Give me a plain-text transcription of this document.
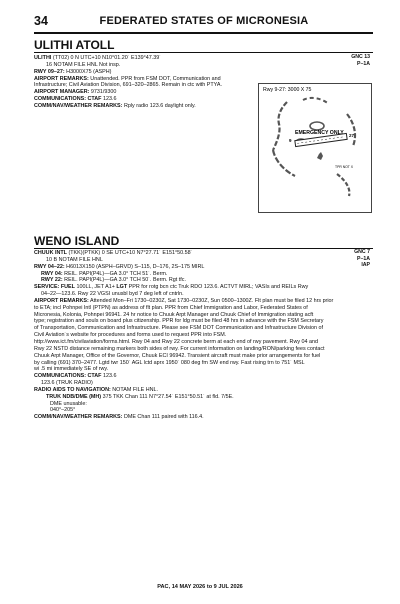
34	FEDERATED STATES OF MICRONESIA
ULITHI ATOLL
GNC 13
P–1A
ULITHI (TT02) 0 N UTC+10 N10°01.20´ E139°47.39´
16 NOTAM FILE HNL Not insp.
RWY 09–27: H3000X75 (ASPH)
AIRPORT REMARKS: Unattended. PPR from FSM DOT, Communication and Infrastructure; Civil Aviation Division, 691–320–2865. Remain in ctc with PTYA.
AIRPORT MANAGER: 9731/9300
COMMUNICATIONS: CTAF 123.6
COMM/NAV/WEATHER REMARKS: Rply radio 123.6 daylight only.
Rwy 9-27: 3000 X 75
9
27
EMERGENCY ONLY
TPR NOT X
WENO ISLAND
GNC 7
P–1A
IAP
CHUUK INTL (TKK)(PTKK) 0 SE UTC+10 N7°27.71´ E151°50.58´
10 B NOTAM FILE HNL
RWY 04–22: H6013X150 (ASPH–GRVD) S–115, D–176, 2S–175 MIRL
RWY 04: REIL. PAPI(P4L)—GA 3.0° TCH 51´. Berm.
RWY 22: REIL. PAPI(P4L)—GA 3.0° TCH 50´. Berm. Rgt tfc.
SERVICE: FUEL 100LL, JET A1+ LGT PPR for rotg bcn ctc Truk RDO 123.6. ACTVT MIRL; VASIs and REILs Rwy
04–22—123.6. Rwy 22 VGSI unusbl byd 7 deg left of cntrln.
AIRPORT REMARKS: Attended Mon–Fri 1730–0230Z, Sat 1730–0230Z, Sun 0500–1300Z. Flt plan must be filed 12 hrs prior
to ETA; incl Pohnpei Intl (PTPN) as address of flt plan. PPR from Chief Immigration and Labor, Federated States of
Micronesia, Kolonia, Pohnpei 96941. 24 hr notice to Chuuk Arpt Manager and Chuuk Chief of Immigration stating acft
type; registration and souls on board plus citizenship. PPR for ldg must be filed 48 hrs in advance with the FSM Secretary
of Transportation, Communication and Infrastructure. Please see FSM DOT Communication and Infrastructure Division of
Civil Aviation´s website for procedures and forms used to request PPR into FSM.
http://www.ict.fm/civilaviation/forms.html. Rwy 04 and Rwy 22 concrete berm at each end of rwy pavement. Rwy 04 and
Rwy 22 NSTD distance remaining markers both sides of rwy. For current information on landing/RON/parking fees contact
Chuuk Arpt Manager, Office of the Governor, Chuuk ECI 96942. Transient aircraft must make prior arrangements for fuel
by calling (691) 370–2477. Lgtd twr 150´ AGL lctd aprx 1950´ 080 deg fm SW end rwy. Fast rising trn to 751´ MSL
wi .5 mi immediately SE of rwy.
COMMUNICATIONS: CTAF 123.6
123.6 (TRUK RADIO)
RADIO AIDS TO NAVIGATION: NOTAM FILE HNL.
TRUK NDB/DME (MH) 375 TKK Chan 111 N7°27.54´ E151°50.51´ at fld. 7/5E.
DME unusable:
040°–205°
COMM/NAV/WEATHER REMARKS: DME Chan 111 paired with 116.4.
PAC, 14 MAY 2026 to 9 JUL 2026
